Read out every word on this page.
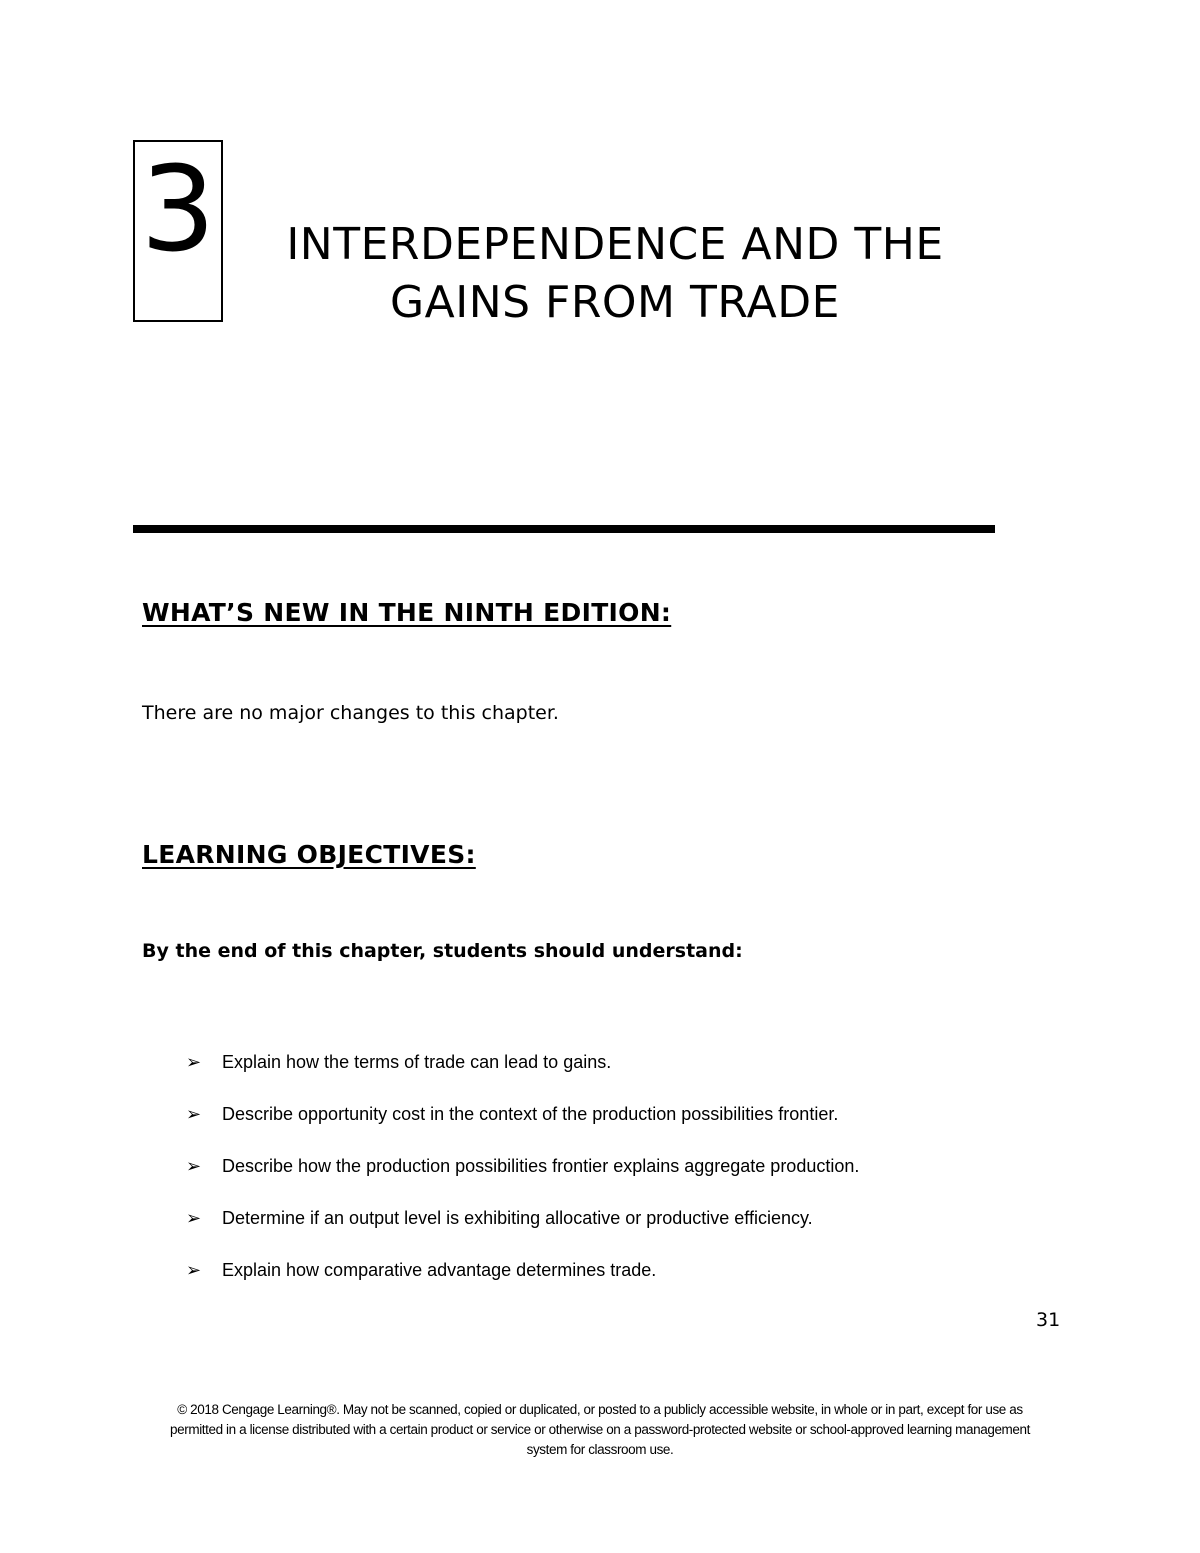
3	INTERDEPENDENCE AND THE
GAINS FROM TRADE
WHAT’S NEW IN THE NINTH EDITION:
There are no major changes to this chapter.
LEARNING OBJECTIVES:
By the end of this chapter, students should understand:
➢	Explain how the terms of trade can lead to gains.
➢	Describe opportunity cost in the context of the production possibilities frontier.
➢	Describe how the production possibilities frontier explains aggregate production.
➢	Determine if an output level is exhibiting allocative or productive efficiency.
➢	Explain how comparative advantage determines trade.
31
© 2018 Cengage Learning®. May not be scanned, copied or duplicated, or posted to a publicly accessible website, in whole or in part, except for use as
permitted in a license distributed with a certain product or service or otherwise on a password-protected website or school-approved learning management
system for classroom use.
